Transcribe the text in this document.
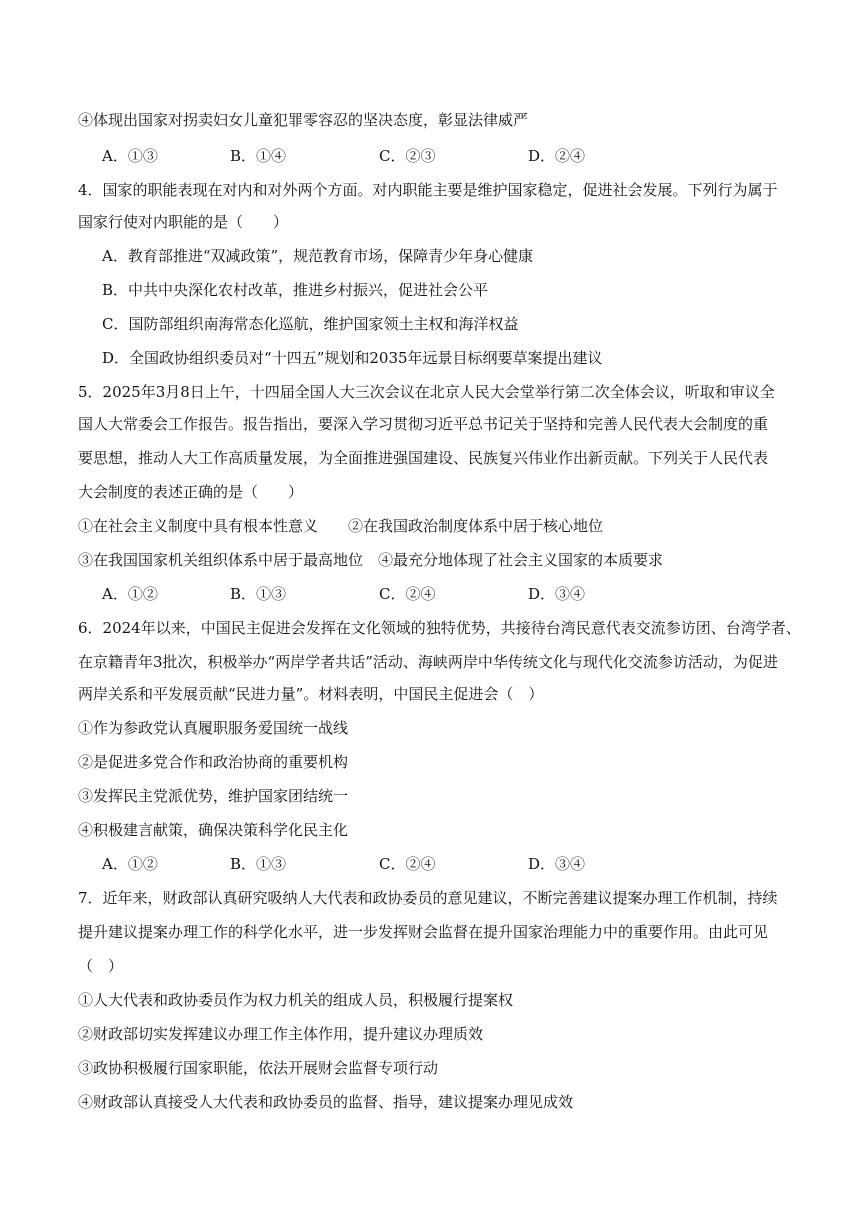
④体现出国家对拐卖妇女儿童犯罪零容忍的坚决态度，彰显法律威严
A．①③	B．①④	C．②③	D．②④
4．国家的职能表现在对内和对外两个方面。对内职能主要是维护国家稳定，促进社会发展。下列行为属于
国家行使对内职能的是（　　）
A．教育部推进“双减政策”，规范教育市场，保障青少年身心健康
B．中共中央深化农村改革，推进乡村振兴，促进社会公平
C．国防部组织南海常态化巡航，维护国家领土主权和海洋权益
D．全国政协组织委员对“十四五”规划和2035年远景目标纲要草案提出建议
5．2025年3月8日上午，十四届全国人大三次会议在北京人民大会堂举行第二次全体会议，听取和审议全
国人大常委会工作报告。报告指出，要深入学习贯彻习近平总书记关于坚持和完善人民代表大会制度的重
要思想，推动人大工作高质量发展，为全面推进强国建设、民族复兴伟业作出新贡献。下列关于人民代表
大会制度的表述正确的是（　　）
①在社会主义制度中具有根本性意义　　②在我国政治制度体系中居于核心地位
③在我国国家机关组织体系中居于最高地位　④最充分地体现了社会主义国家的本质要求
A．①②	B．①③	C．②④	D．③④
6．2024年以来，中国民主促进会发挥在文化领域的独特优势，共接待台湾民意代表交流参访团、台湾学者、
在京籍青年3批次，积极举办“两岸学者共话”活动、海峡两岸中华传统文化与现代化交流参访活动，为促进
两岸关系和平发展贡献“民进力量”。材料表明，中国民主促进会（　）
①作为参政党认真履职服务爱国统一战线
②是促进多党合作和政治协商的重要机构
③发挥民主党派优势，维护国家团结统一
④积极建言献策，确保决策科学化民主化
A．①②	B．①③	C．②④	D．③④
7．近年来，财政部认真研究吸纳人大代表和政协委员的意见建议，不断完善建议提案办理工作机制，持续
提升建议提案办理工作的科学化水平，进一步发挥财会监督在提升国家治理能力中的重要作用。由此可见
（　）
①人大代表和政协委员作为权力机关的组成人员，积极履行提案权
②财政部切实发挥建议办理工作主体作用，提升建议办理质效
③政协积极履行国家职能，依法开展财会监督专项行动
④财政部认真接受人大代表和政协委员的监督、指导，建议提案办理见成效
